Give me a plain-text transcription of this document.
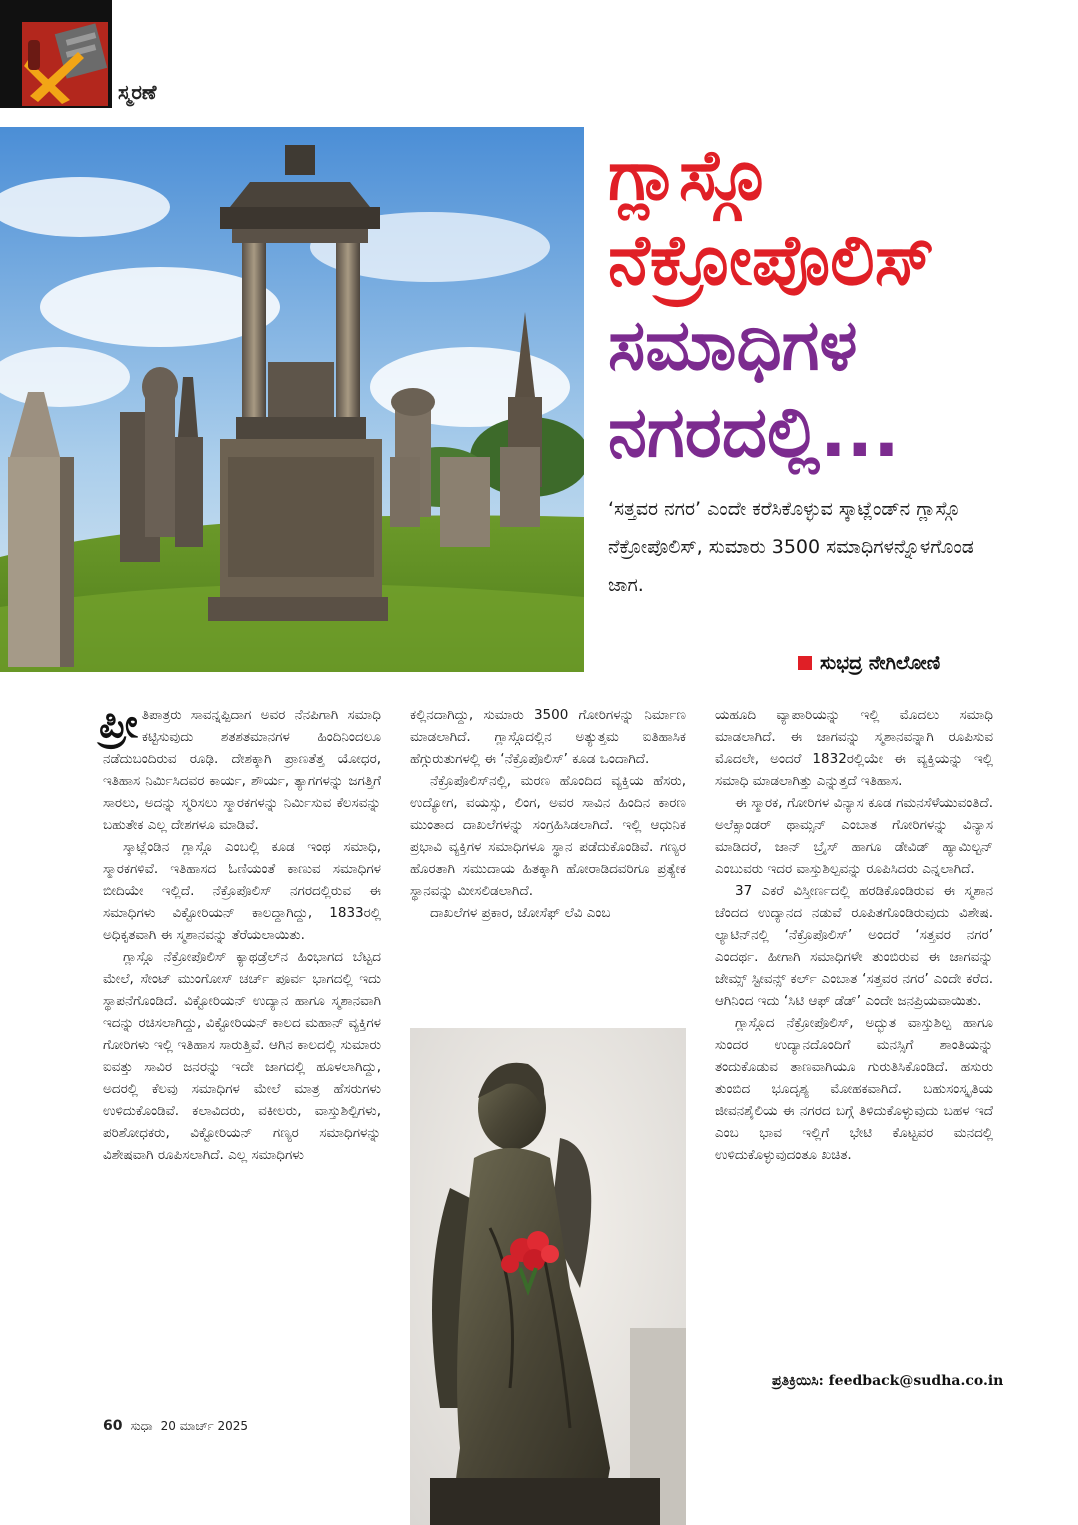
ಸ್ಮರಣೆ
ಗ್ಲಾಸ್ಗೊ
ನೆಕ್ರೋಪೊಲಿಸ್
ಸಮಾಧಿಗಳ
ನಗರದಲ್ಲಿ...
‘ಸತ್ತವರ ನಗರ’ ಎಂದೇ ಕರೆಸಿಕೊಳ್ಳುವ ಸ್ಕಾಟ್ಲೆಂಡ್‌ನ ಗ್ಲಾಸ್ಗೊ ನೆಕ್ರೋಪೊಲಿಸ್, ಸುಮಾರು 3500 ಸಮಾಧಿಗಳನ್ನೊಳಗೊಂಡ ಜಾಗ.
ಸುಭದ್ರ ನೇಗಿಲೋಣಿ

ಪ್ರೀ ತಿಪಾತ್ರರು ಸಾವನ್ನಪ್ಪಿದಾಗ ಅವರ ನೆನಪಿಗಾಗಿ ಸಮಾಧಿ ಕಟ್ಟಿಸುವುದು ಶತಶತಮಾನಗಳ ಹಿಂದಿನಿಂದಲೂ ನಡೆದುಬಂದಿರುವ ರೂಢಿ. ದೇಶಕ್ಕಾಗಿ ಪ್ರಾಣತೆತ್ತ ಯೋಧರ, ಇತಿಹಾಸ ನಿರ್ಮಿಸಿದವರ ಕಾರ್ಯ, ಶೌರ್ಯ, ತ್ಯಾಗಗಳನ್ನು ಜಗತ್ತಿಗೆ ಸಾರಲು, ಅದನ್ನು ಸ್ಮರಿಸಲು ಸ್ಮಾರಕಗಳನ್ನು ನಿರ್ಮಿಸುವ ಕೆಲಸವನ್ನು ಬಹುತೇಕ ಎಲ್ಲ ದೇಶಗಳೂ ಮಾಡಿವೆ.

ಸ್ಕಾಟ್ಲೆಂಡಿನ ಗ್ಲಾಸ್ಗೊ ಎಂಬಲ್ಲಿ ಕೂಡ ಇಂಥ ಸಮಾಧಿ, ಸ್ಮಾರಕಗಳಿವೆ. ಇತಿಹಾಸದ ಓಣಿಯಂತೆ ಕಾಣುವ ಸಮಾಧಿಗಳ ಬೀದಿಯೇ ಇಲ್ಲಿದೆ. ನೆಕ್ರೊಪೊಲಿಸ್ ನಗರದಲ್ಲಿರುವ ಈ ಸಮಾಧಿಗಳು ವಿಕ್ಟೋರಿಯನ್ ಕಾಲದ್ದಾಗಿದ್ದು, 1833ರಲ್ಲಿ ಅಧಿಕೃತವಾಗಿ ಈ ಸ್ಮಶಾನವನ್ನು ತೆರೆಯಲಾಯಿತು.

ಗ್ಲಾಸ್ಗೊ ನೆಕ್ರೋಪೊಲಿಸ್ ಕ್ಯಾಥಡ್ರೆಲ್‌ನ ಹಿಂಭಾಗದ ಬೆಟ್ಟದ ಮೇಲೆ, ಸೇಂಟ್ ಮುಂಗೋಸ್ ಚರ್ಚ್ ಪೂರ್ವ ಭಾಗದಲ್ಲಿ ಇದು ಸ್ಥಾಪನೆಗೊಂಡಿದೆ. ವಿಕ್ಟೋರಿಯನ್ ಉದ್ಯಾನ ಹಾಗೂ ಸ್ಮಶಾನವಾಗಿ ಇದನ್ನು ರಚಿಸಲಾಗಿದ್ದು, ವಿಕ್ಟೋರಿಯನ್ ಕಾಲದ ಮಹಾನ್ ವ್ಯಕ್ತಿಗಳ ಗೋರಿಗಳು ಇಲ್ಲಿ ಇತಿಹಾಸ ಸಾರುತ್ತಿವೆ. ಆಗಿನ ಕಾಲದಲ್ಲಿ ಸುಮಾರು ಐವತ್ತು ಸಾವಿರ ಜನರನ್ನು ಇದೇ ಜಾಗದಲ್ಲಿ ಹೂಳಲಾಗಿದ್ದು, ಅದರಲ್ಲಿ ಕೆಲವು ಸಮಾಧಿಗಳ ಮೇಲೆ ಮಾತ್ರ ಹೆಸರುಗಳು ಉಳಿದುಕೊಂಡಿವೆ. ಕಲಾವಿದರು, ವಕೀಲರು, ವಾಸ್ತುಶಿಲ್ಪಿಗಳು, ಪರಿಶೋಧಕರು, ವಿಕ್ಟೋರಿಯನ್ ಗಣ್ಯರ ಸಮಾಧಿಗಳನ್ನು ವಿಶೇಷವಾಗಿ ರೂಪಿಸಲಾಗಿದೆ. ಎಲ್ಲ ಸಮಾಧಿಗಳು

ಕಲ್ಲಿನದಾಗಿದ್ದು, ಸುಮಾರು 3500 ಗೋರಿಗಳನ್ನು ನಿರ್ಮಾಣ ಮಾಡಲಾಗಿದೆ. ಗ್ಲಾಸ್ಗೊದಲ್ಲಿನ ಅತ್ಯುತ್ತಮ ಐತಿಹಾಸಿಕ ಹೆಗ್ಗುರುತುಗಳಲ್ಲಿ ಈ ‘ನೆಕ್ರೊಪೊಲಿಸ್’ ಕೂಡ ಒಂದಾಗಿದೆ.

ನೆಕ್ರೊಪೊಲಿಸ್‌ನಲ್ಲಿ, ಮರಣ ಹೊಂದಿದ ವ್ಯಕ್ತಿಯ ಹೆಸರು, ಉದ್ಯೋಗ, ವಯಸ್ಸು, ಲಿಂಗ, ಅವರ ಸಾವಿನ ಹಿಂದಿನ ಕಾರಣ ಮುಂತಾದ ದಾಖಲೆಗಳನ್ನು ಸಂಗ್ರಹಿಸಿಡಲಾಗಿದೆ. ಇಲ್ಲಿ ಆಧುನಿಕ ಪ್ರಭಾವಿ ವ್ಯಕ್ತಿಗಳ ಸಮಾಧಿಗಳೂ ಸ್ಥಾನ ಪಡೆದುಕೊಂಡಿವೆ. ಗಣ್ಯರ ಹೊರತಾಗಿ ಸಮುದಾಯ ಹಿತಕ್ಕಾಗಿ ಹೋರಾಡಿದವರಿಗೂ ಪ್ರತ್ಯೇಕ ಸ್ಥಾನವನ್ನು ಮೀಸಲಿಡಲಾಗಿದೆ.

ದಾಖಲೆಗಳ ಪ್ರಕಾರ, ಜೋಸೆಫ್ ಲೆವಿ ಎಂಬ

ಯಹೂದಿ ವ್ಯಾಪಾರಿಯನ್ನು ಇಲ್ಲಿ ಮೊದಲು ಸಮಾಧಿ ಮಾಡಲಾಗಿದೆ. ಈ ಜಾಗವನ್ನು ಸ್ಮಶಾನವನ್ನಾಗಿ ರೂಪಿಸುವ ಮೊದಲೇ, ಅಂದರೆ 1832ರಲ್ಲಿಯೇ ಈ ವ್ಯಕ್ತಿಯನ್ನು ಇಲ್ಲಿ ಸಮಾಧಿ ಮಾಡಲಾಗಿತ್ತು ಎನ್ನುತ್ತದೆ ಇತಿಹಾಸ.

ಈ ಸ್ಮಾರಕ, ಗೋರಿಗಳ ವಿನ್ಯಾಸ ಕೂಡ ಗಮನಸೆಳೆಯುವಂತಿದೆ. ಅಲೆಕ್ಸಾಂಡರ್ ಥಾಮ್ಸನ್ ಎಂಬಾತ ಗೋರಿಗಳನ್ನು ವಿನ್ಯಾಸ ಮಾಡಿದರೆ, ಜಾನ್ ಬ್ರೈಸ್ ಹಾಗೂ ಡೇವಿಡ್ ಹ್ಯಾಮಿಲ್ಟನ್ ಎಂಬುವರು ಇದರ ವಾಸ್ತುಶಿಲ್ಪವನ್ನು ರೂಪಿಸಿದರು ಎನ್ನಲಾಗಿದೆ.

37 ಎಕರೆ ವಿಸ್ತೀರ್ಣದಲ್ಲಿ ಹರಡಿಕೊಂಡಿರುವ ಈ ಸ್ಮಶಾನ ಚೆಂದದ ಉದ್ಯಾನದ ನಡುವೆ ರೂಪಿತಗೊಂಡಿರುವುದು ವಿಶೇಷ. ಲ್ಯಾಟಿನ್‌ನಲ್ಲಿ ‘ನೆಕ್ರೊಪೊಲಿಸ್’ ಅಂದರೆ ‘ಸತ್ತವರ ನಗರ’ ಎಂದರ್ಥ. ಹೀಗಾಗಿ ಸಮಾಧಿಗಳೇ ತುಂಬಿರುವ ಈ ಜಾಗವನ್ನು ಜೇಮ್ಸ್ ಸ್ಟೀವನ್ಸ್ ಕರ್ಲ್ ಎಂಬಾತ ‘ಸತ್ತವರ ನಗರ’ ಎಂದೇ ಕರೆದ. ಆಗಿನಿಂದ ಇದು ‘ಸಿಟಿ ಆಫ್ ಡೆಡ್’ ಎಂದೇ ಜನಪ್ರಿಯವಾಯಿತು.

ಗ್ಲಾಸ್ಗೊದ ನೆಕ್ರೋಪೊಲಿಸ್, ಅದ್ಭುತ ವಾಸ್ತುಶಿಲ್ಪ ಹಾಗೂ ಸುಂದರ ಉದ್ಯಾನದೊಂದಿಗೆ ಮನಸ್ಸಿಗೆ ಶಾಂತಿಯನ್ನು ತಂದುಕೊಡುವ ತಾಣವಾಗಿಯೂ ಗುರುತಿಸಿಕೊಂಡಿದೆ. ಹಸುರು ತುಂಬಿದ ಭೂದೃಶ್ಯ ಮೋಹಕವಾಗಿದೆ. ಬಹುಸಂಸ್ಕೃತಿಯ ಜೀವನಶೈಲಿಯ ಈ ನಗರದ ಬಗ್ಗೆ ತಿಳಿದುಕೊಳ್ಳುವುದು ಬಹಳ ಇದೆ ಎಂಬ ಭಾವ ಇಲ್ಲಿಗೆ ಭೇಟಿ ಕೊಟ್ಟವರ ಮನದಲ್ಲಿ ಉಳಿದುಕೊಳ್ಳುವುದಂತೂ ಖಚಿತ.

ಪ್ರತಿಕ್ರಿಯಿಸಿ: feedback@sudha.co.in
60 ಸುಧಾ 20 ಮಾರ್ಚ್ 2025
